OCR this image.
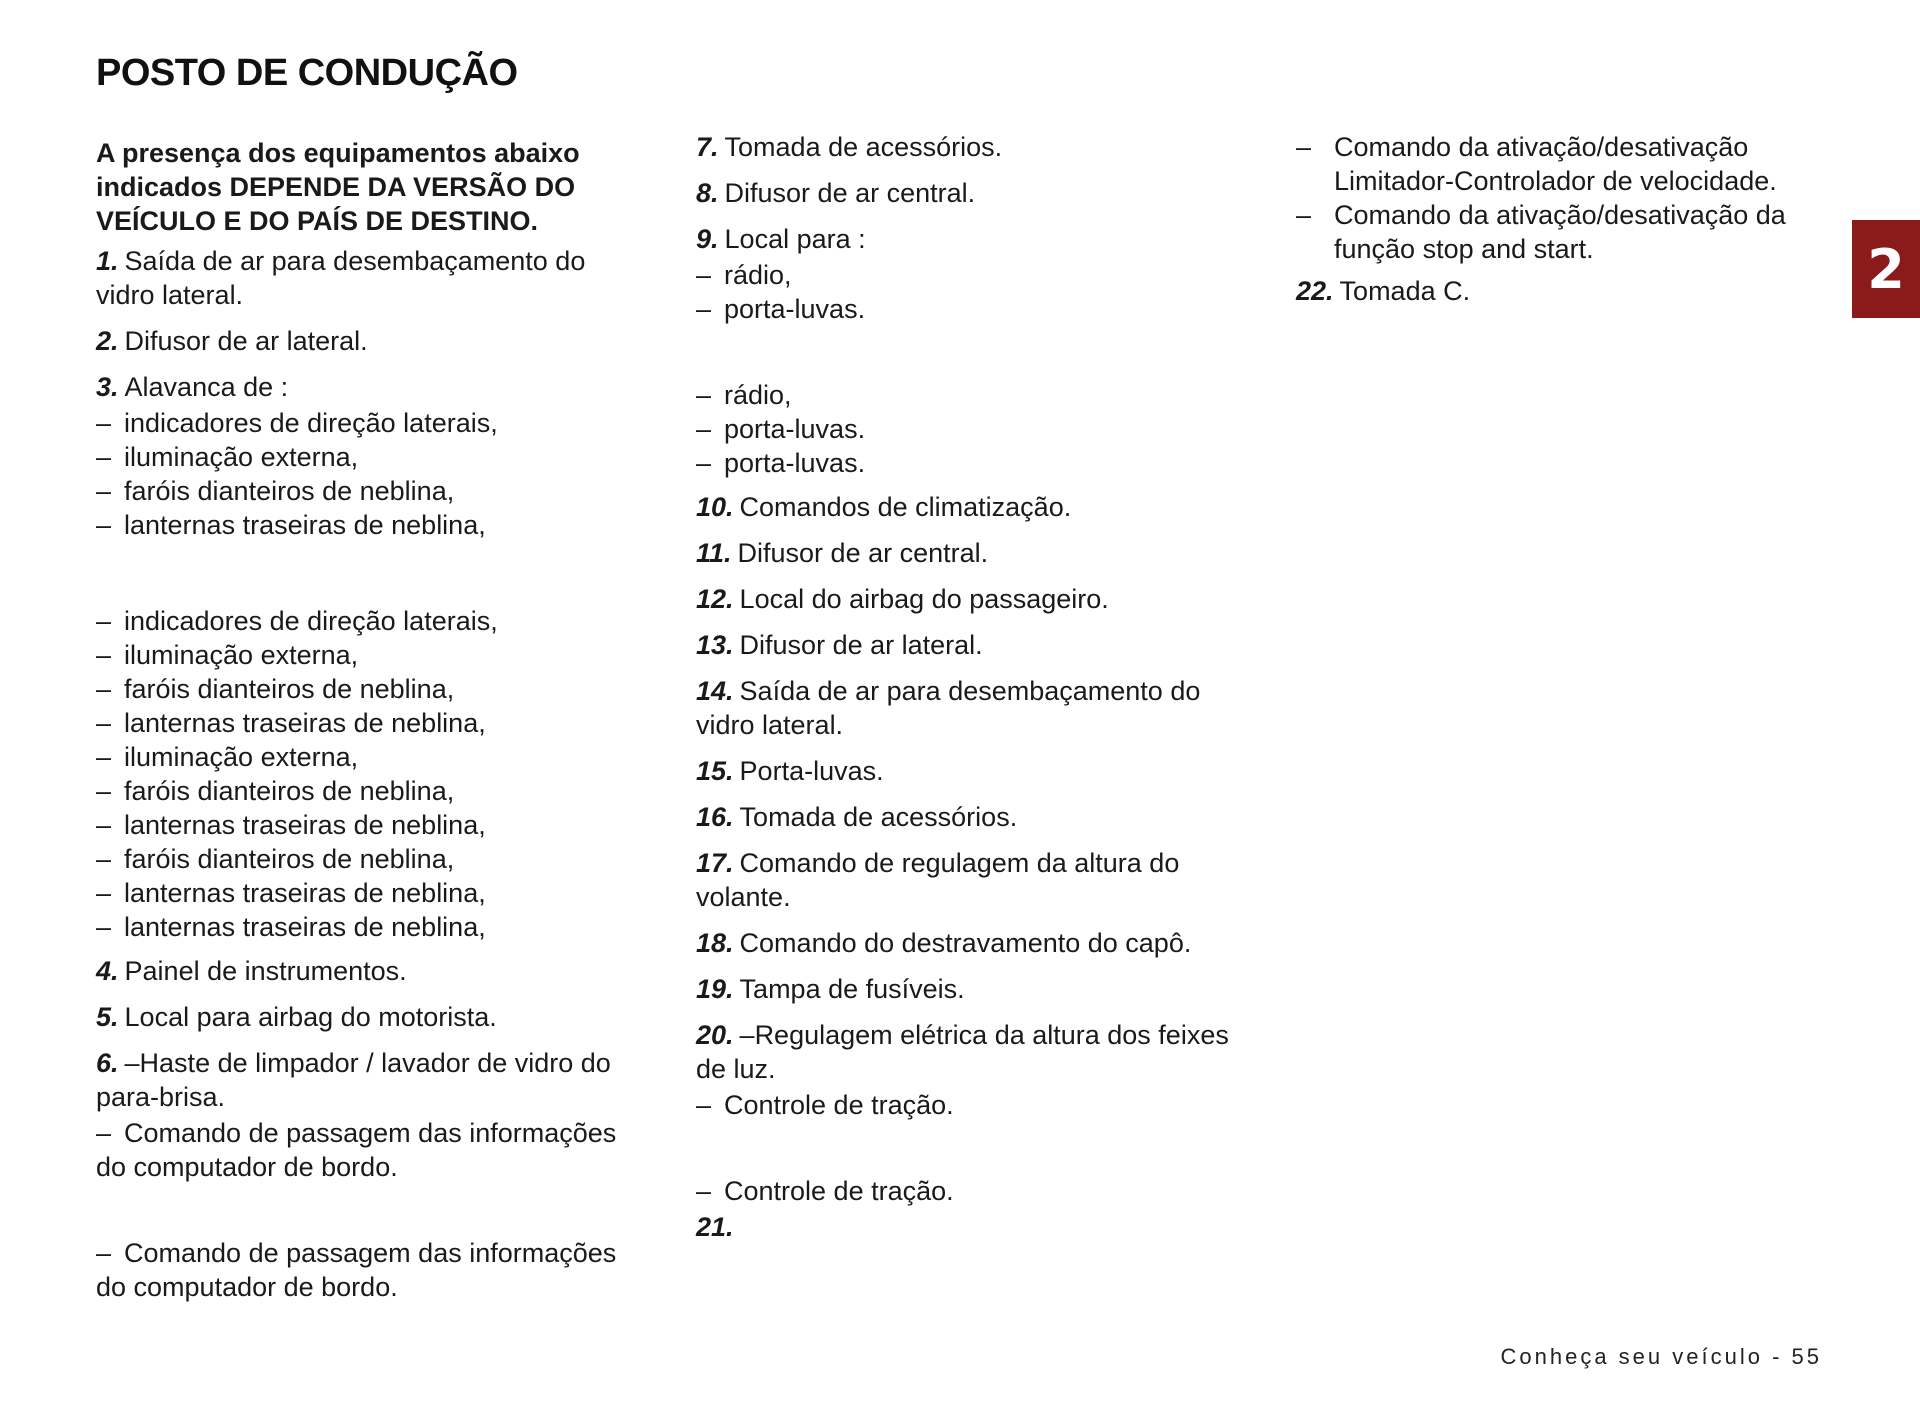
POSTO DE CONDUÇÃO

A presença dos equipamentos abaixo indicados DEPENDE DA VERSÃO DO VEÍCULO E DO PAÍS DE DESTINO.

1. Saída de ar para desembaçamento do vidro lateral.

2. Difusor de ar lateral.

3. Alavanca de :

– indicadores de direção laterais,
– iluminação externa,
– faróis dianteiros de neblina,
– lanternas traseiras de neblina,
– indicadores de direção laterais,
– iluminação externa,
– faróis dianteiros de neblina,
– lanternas traseiras de neblina,
– iluminação externa,
– faróis dianteiros de neblina,
– lanternas traseiras de neblina,
– faróis dianteiros de neblina,
– lanternas traseiras de neblina,
– lanternas traseiras de neblina,

4. Painel de instrumentos.

5. Local para airbag do motorista.

6. –Haste de limpador / lavador de vidro do para-brisa.

– Comando de passagem das informações do computador de bordo.
– Comando de passagem das informações do computador de bordo.

7. Tomada de acessórios.

8. Difusor de ar central.

9. Local para :

– rádio,
– porta-luvas.
– rádio,
– porta-luvas.
– porta-luvas.

10. Comandos de climatização.

11. Difusor de ar central.

12. Local do airbag do passageiro.

13. Difusor de ar lateral.

14. Saída de ar para desembaçamento do vidro lateral.

15. Porta-luvas.

16. Tomada de acessórios.

17. Comando de regulagem da altura do volante.

18. Comando do destravamento do capô.

19. Tampa de fusíveis.

20. –Regulagem elétrica da altura dos feixes de luz.

– Controle de tração.
– Controle de tração.

21.

– Comando da ativação/desativação Limitador-Controlador de velocidade.
– Comando da ativação/desativação da função stop and start.

22. Tomada C.	2
Conheça seu veículo - 55
